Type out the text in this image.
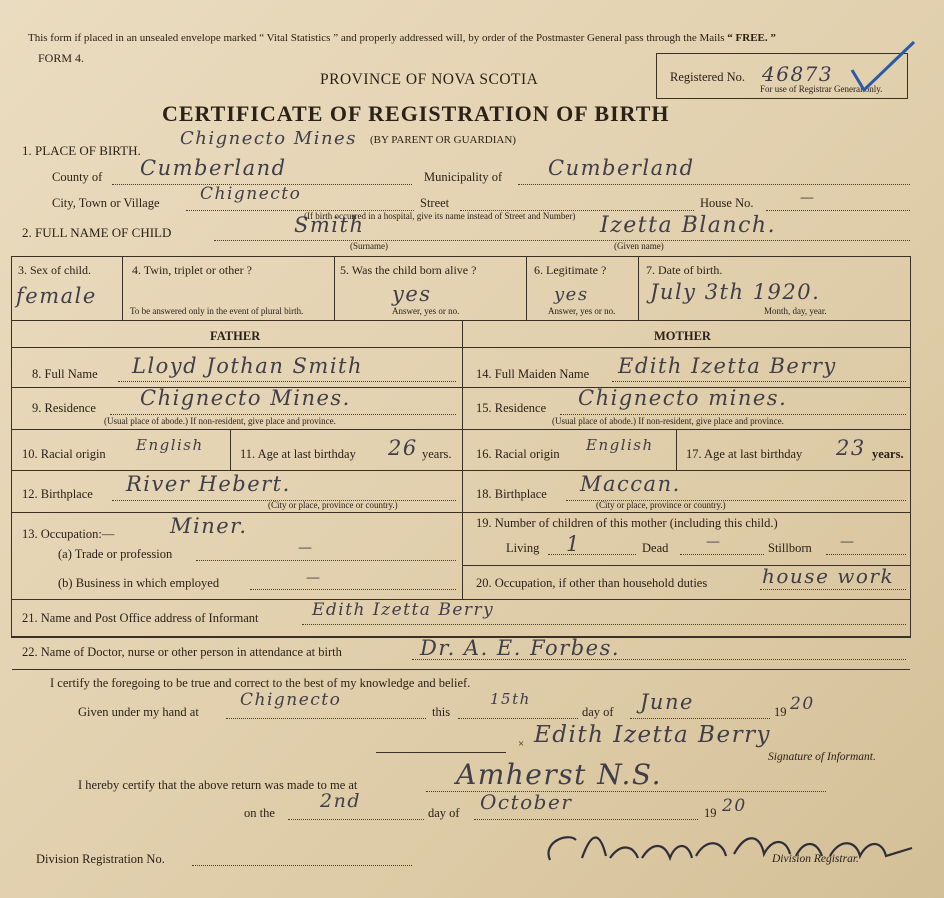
This form if placed in an unsealed envelope marked “ Vital Statistics ” and properly addressed will, by order of the Postmaster General pass through the Mails “ FREE. ”
FORM 4.
PROVINCE OF NOVA SCOTIA
CERTIFICATE OF REGISTRATION OF BIRTH
Registered No. 46873
For use of Registrar General only.
1. PLACE OF BIRTH.
Chignecto Mines (BY PARENT OR GUARDIAN)
County of Cumberland	Municipality of Cumberland
City, Town or Village Chignecto	Street	House No.	—
(If birth occurred in a hospital, give its name instead of Street and Number)
2. FULL NAME OF CHILD	Smith
(Surname)
Izetta Blanch.
(Given name)
3. Sex of child.
female
4. Twin, triplet or other ?
To be answered only in the event of plural birth.
5. Was the child born alive ?
yes
Answer, yes or no.
6. Legitimate ?
yes
Answer, yes or no.
7. Date of birth.
July 3th 1920.
Month, day, year.
FATHER	MOTHER
8. Full Name Lloyd Jothan Smith	14. Full Maiden Name Edith Izetta Berry
9. Residence Chignecto Mines.
(Usual place of abode.) If non-resident, give place and province.
15. Residence Chignecto mines.
(Usual place of abode.) If non-resident, give place and province.
10. Racial origin English	11. Age at last birthday 26 years. 16. Racial origin English	17. Age at last birthday 23 years.
12. Birthplace River Hebert.
(City or place, province or country.)
18. Birthplace Maccan.
(City or place, province or country.)
13. Occupation:—	Miner.
(a) Trade or profession	—
(b) Business in which employed	—
19. Number of children of this mother (including this child.)
Living 1	Dead	—	Stillborn —
20. Occupation, if other than household duties	house work
21. Name and Post Office address of Informant	Edith Izetta Berry
22. Name of Doctor, nurse or other person in attendance at birth	Dr. A. E. Forbes.
I certify the foregoing to be true and correct to the best of my knowledge and belief.
Given under my hand at
Chignecto
this
15th
day of June	19 20
× Edith Izetta Berry
Signature of Informant.
I hereby certify that the above return was made to me at	Amherst N.S.
on the
2nd
day of October	19 20
Division Registration No.	Division Registrar.
